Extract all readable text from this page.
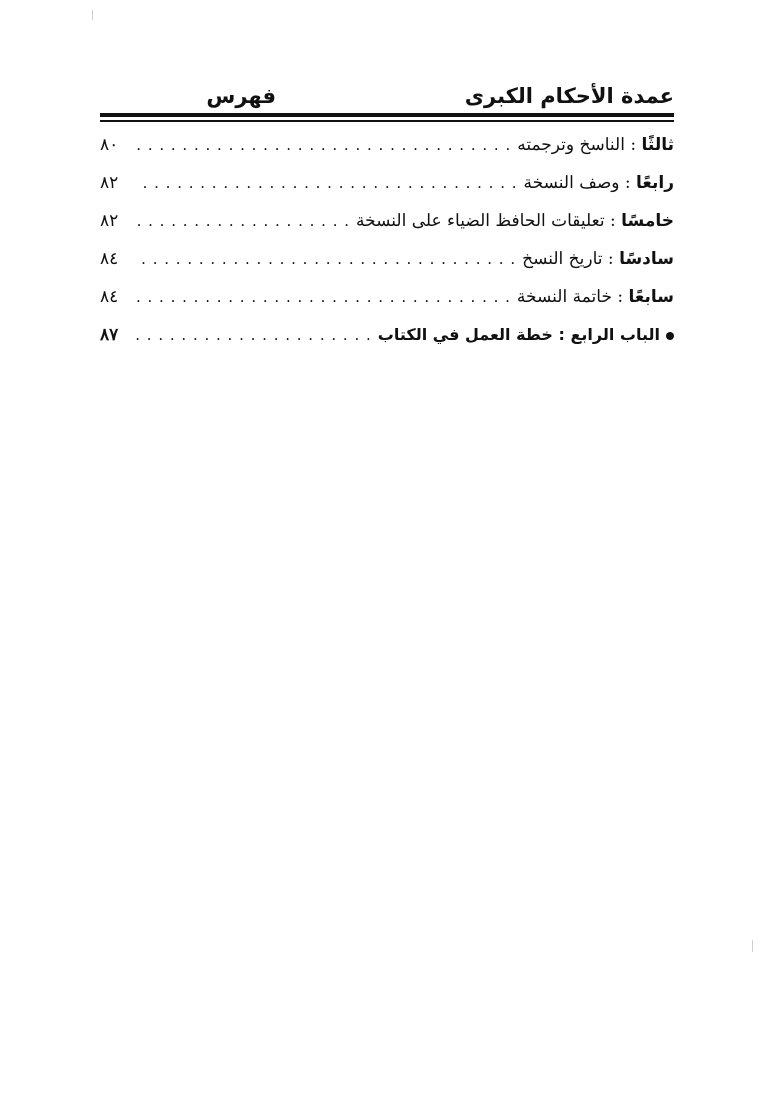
عمدة الأحكام الكبرى
فهرس
ثالثًا : الناسخ وترجمته
. . .
٨٠
رابعًا : وصف النسخة
. . .
٨٢
خامسًا : تعليقات الحافظ الضياء على النسخة
. . .
٨٢
سادسًا : تاريخ النسخ
. . .
٨٤
سابعًا : خاتمة النسخة
. . .
٨٤
الباب الرابع : خطة العمل في الكتاب
. . .
٨٧
